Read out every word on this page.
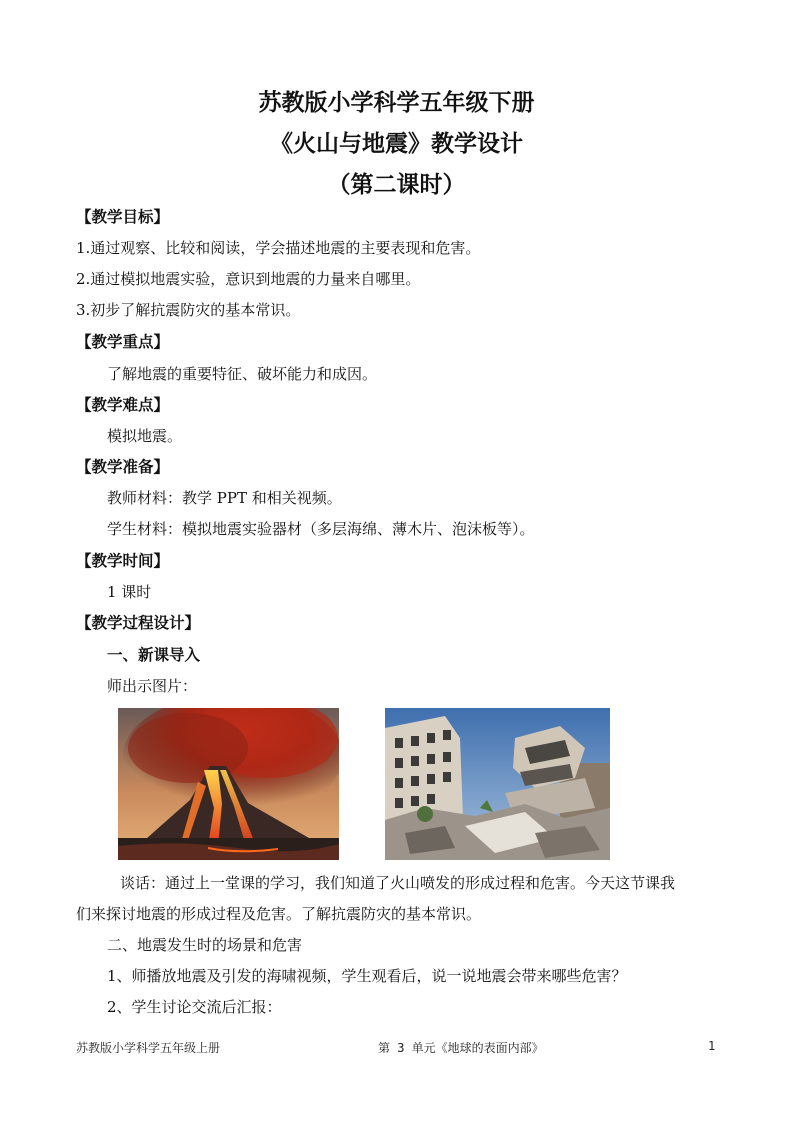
苏教版小学科学五年级下册
《火山与地震》教学设计
（第二课时）
【教学目标】
1.通过观察、比较和阅读，学会描述地震的主要表现和危害。
2.通过模拟地震实验，意识到地震的力量来自哪里。
3.初步了解抗震防灾的基本常识。
【教学重点】
了解地震的重要特征、破坏能力和成因。
【教学难点】
模拟地震。
【教学准备】
教师材料：教学 PPT 和相关视频。
学生材料：模拟地震实验器材（多层海绵、薄木片、泡沫板等）。
【教学时间】
1 课时
【教学过程设计】
一、新课导入
师出示图片：
谈话：通过上一堂课的学习，我们知道了火山喷发的形成过程和危害。今天这节课我
们来探讨地震的形成过程及危害。了解抗震防灾的基本常识。
二、地震发生时的场景和危害
1、师播放地震及引发的海啸视频，学生观看后，说一说地震会带来哪些危害？
2、学生讨论交流后汇报：
苏教版小学科学五年级上册	第 3 单元《地球的表面内部》	1
